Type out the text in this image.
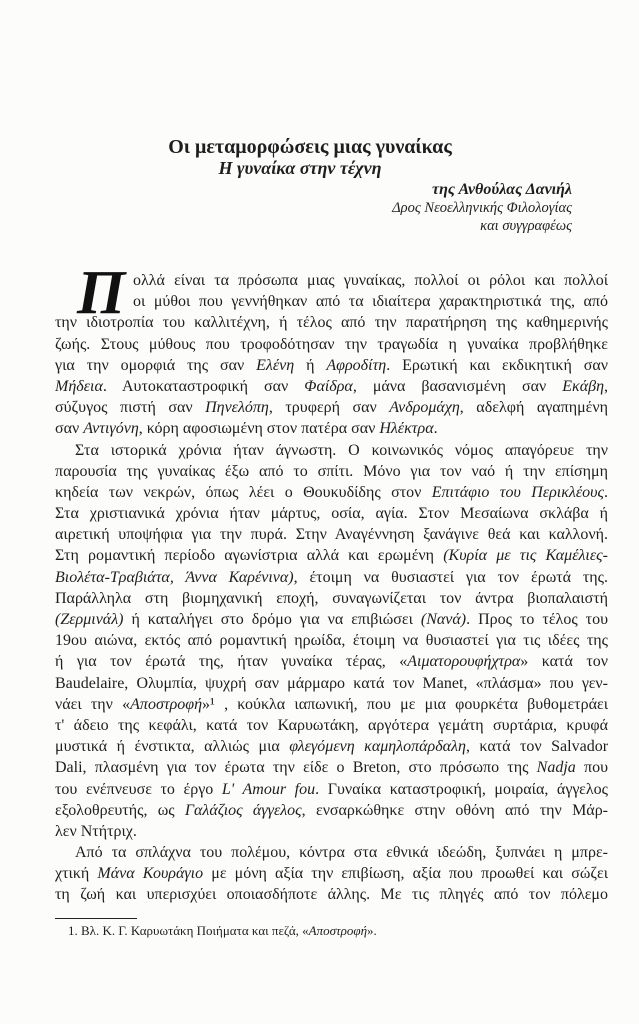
Οι μεταμορφώσεις μιας γυναίκας
Η γυναίκα στην τέχνη
της Ανθούλας Δανιήλ
Δρος Νεοελληνικής Φιλολογίας
και συγγραφέως
Π ολλά είναι τα πρόσωπα μιας γυναίκας, πολλοί οι ρόλοι και πολλοί
οι μύθοι που γεννήθηκαν από τα ιδιαίτερα χαρακτηριστικά της, από
την ιδιοτροπία του καλλιτέχνη, ή τέλος από την παρατήρηση της καθημερινής
ζωής. Στους μύθους που τροφοδότησαν την τραγωδία η γυναίκα προβλήθηκε
για την ομορφιά της σαν Ελένη ή Αφροδίτη. Ερωτική και εκδικητική σαν
Μήδεια. Αυτοκαταστροφική σαν Φαίδρα, μάνα βασανισμένη σαν Εκάβη,
σύζυγος πιστή σαν Πηνελόπη, τρυφερή σαν Ανδρομάχη, αδελφή αγαπημένη
σαν Αντιγόνη, κόρη αφοσιωμένη στον πατέρα σαν Ηλέκτρα.
Στα ιστορικά χρόνια ήταν άγνωστη. Ο κοινωνικός νόμος απαγόρευε την
παρουσία της γυναίκας έξω από το σπίτι. Μόνο για τον ναό ή την επίσημη
κηδεία των νεκρών, όπως λέει ο Θουκυδίδης στον Επιτάφιο του Περικλέους.
Στα χριστιανικά χρόνια ήταν μάρτυς, οσία, αγία. Στον Μεσαίωνα σκλάβα ή
αιρετική υποψήφια για την πυρά. Στην Αναγέννηση ξανάγινε θεά και καλλονή.
Στη ρομαντική περίοδο αγωνίστρια αλλά και ερωμένη (Κυρία με τις Καμέλιες-
Βιολέτα-Τραβιάτα, Άννα Καρένινα), έτοιμη να θυσιαστεί για τον έρωτά της.
Παράλληλα στη βιομηχανική εποχή, συναγωνίζεται τον άντρα βιοπαλαιστή
(Ζερμινάλ) ή καταλήγει στο δρόμο για να επιβιώσει (Νανά). Προς το τέλος του
19ου αιώνα, εκτός από ρομαντική ηρωίδα, έτοιμη να θυσιαστεί για τις ιδέες της
ή για τον έρωτά της, ήταν γυναίκα τέρας, «Αιματορουφήχτρα» κατά τον
Baudelaire, Ολυμπία, ψυχρή σαν μάρμαρο κατά τον Manet, «πλάσμα» που γεν-
νάει την «Αποστροφή»¹ , κούκλα ιαπωνική, που με μια φουρκέτα βυθομετράει
τ' άδειο της κεφάλι, κατά τον Καρυωτάκη, αργότερα γεμάτη συρτάρια, κρυφά
μυστικά ή ένστικτα, αλλιώς μια φλεγόμενη καμηλοπάρδαλη, κατά τον Salvador
Dali, πλασμένη για τον έρωτα την είδε ο Breton, στο πρόσωπο της Nadja που
του ενέπνευσε το έργο L' Amour fou. Γυναίκα καταστροφική, μοιραία, άγγελος
εξολοθρευτής, ως Γαλάζιος άγγελος, ενσαρκώθηκε στην οθόνη από την Μάρ-
λεν Ντήτριχ.
Από τα σπλάχνα του πολέμου, κόντρα στα εθνικά ιδεώδη, ξυπνάει η μπρε-
χτική Μάνα Κουράγιο με μόνη αξία την επιβίωση, αξία που προωθεί και σώζει
τη ζωή και υπερισχύει οποιασδήποτε άλλης. Με τις πληγές από τον πόλεμο
1. Βλ. Κ. Γ. Καρυωτάκη Ποιήματα και πεζά, «Αποστροφή».
